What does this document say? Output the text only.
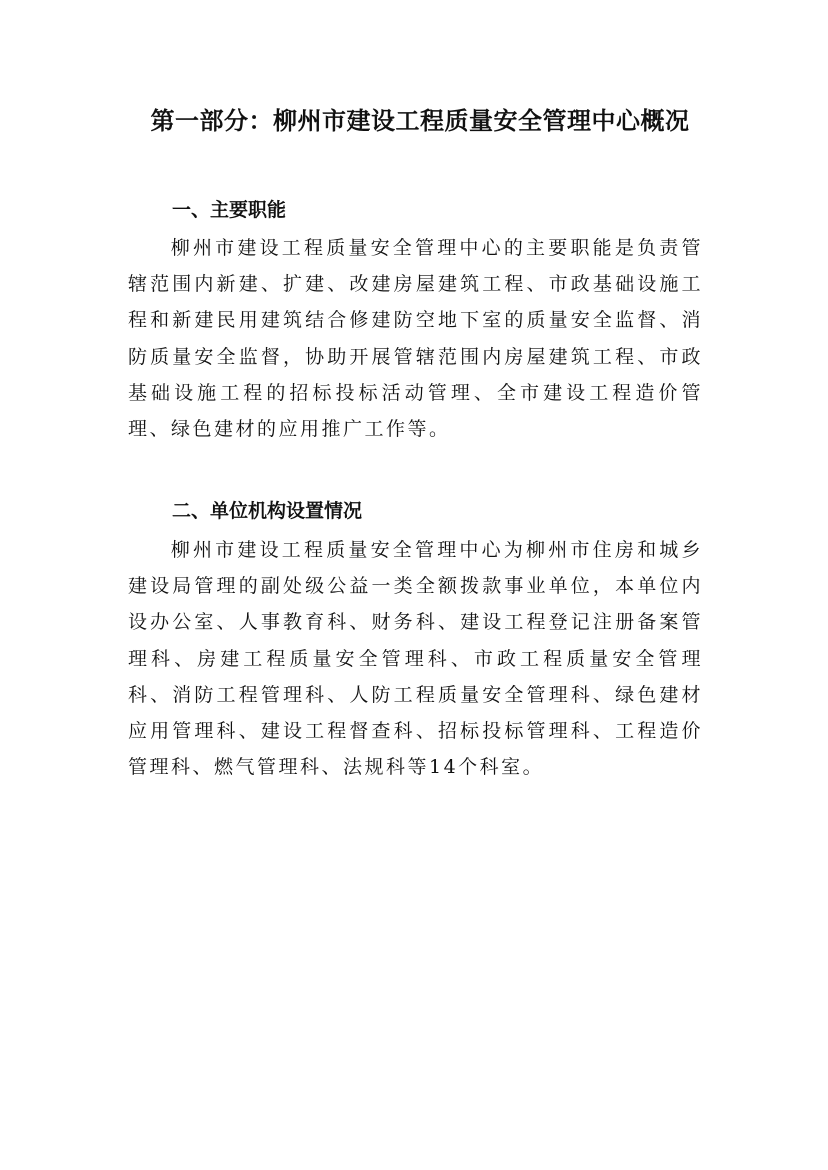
第一部分：柳州市建设工程质量安全管理中心概况
一、主要职能

柳州市建设工程质量安全管理中心的主要职能是负责管辖范围内新建、扩建、改建房屋建筑工程、市政基础设施工程和新建民用建筑结合修建防空地下室的质量安全监督、消防质量安全监督，协助开展管辖范围内房屋建筑工程、市政基础设施工程的招标投标活动管理、全市建设工程造价管理、绿色建材的应用推广工作等。

二、单位机构设置情况

柳州市建设工程质量安全管理中心为柳州市住房和城乡建设局管理的副处级公益一类全额拨款事业单位，本单位内设办公室、人事教育科、财务科、建设工程登记注册备案管理科、房建工程质量安全管理科、市政工程质量安全管理科、消防工程管理科、人防工程质量安全管理科、绿色建材应用管理科、建设工程督查科、招标投标管理科、工程造价管理科、燃气管理科、法规科等14个科室。
